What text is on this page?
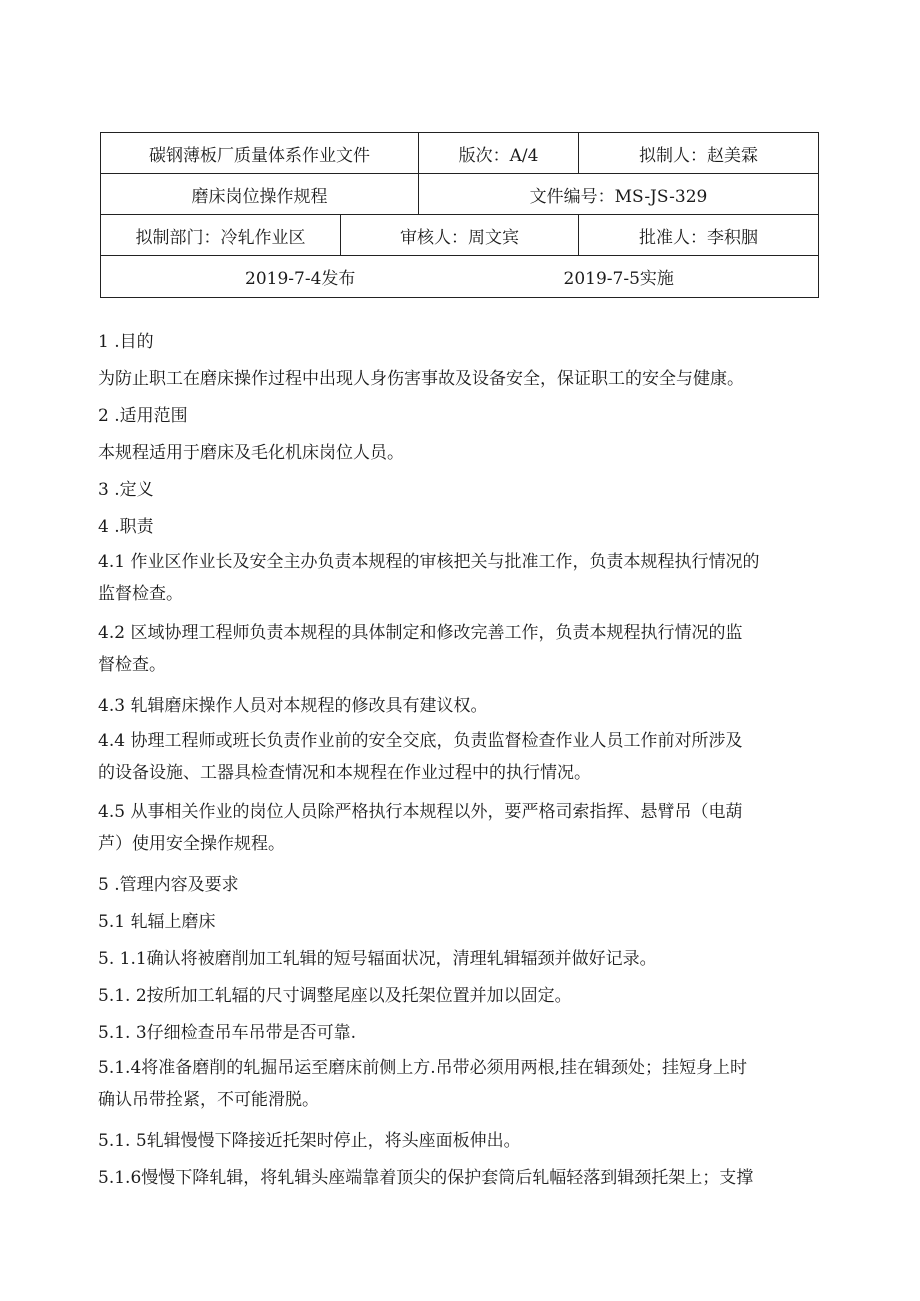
碳钢薄板厂质量体系作业文件		版次：A/4	拟制人：赵美霖
磨床岗位操作规程		文件编号：MS-JS-329	
拟制部门：冷轧作业区	审核人：周文宾		批准人：李积胭

2019-7-4发布 2019-7-5实施			
1 .目的
为防止职工在磨床操作过程中出现人身伤害事故及设备安全，保证职工的安全与健康。
2 .适用范围
本规程适用于磨床及毛化机床岗位人员。
3 .定义
4 .职责
4.1 作业区作业长及安全主办负责本规程的审核把关与批准工作，负责本规程执行情况的
监督检查。
4.2 区域协理工程师负责本规程的具体制定和修改完善工作，负责本规程执行情况的监
督检查。
4.3 轧辑磨床操作人员对本规程的修改具有建议权。
4.4 协理工程师或班长负责作业前的安全交底，负责监督检查作业人员工作前对所涉及
的设备设施、工器具检查情况和本规程在作业过程中的执行情况。
4.5 从事相关作业的岗位人员除严格执行本规程以外，要严格司索指挥、悬臂吊（电葫
芦）使用安全操作规程。
5 .管理内容及要求
5.1 轧辐上磨床
5. 1.1确认将被磨削加工轧辑的短号辐面状况，清理轧辑辐颈并做好记录。
5.1. 2按所加工轧辐的尺寸调整尾座以及托架位置并加以固定。
5.1. 3仔细检查吊车吊带是否可靠.
5.1.4将准备磨削的轧掘吊运至磨床前侧上方.吊带必须用两根,挂在辑颈处；挂短身上时
确认吊带拴紧，不可能滑脱。
5.1. 5轧辑慢慢下降接近托架时停止，将头座面板伸出。
5.1.6慢慢下降轧辑，将轧辑头座端靠着顶尖的保护套筒后轧幅轻落到辑颈托架上；支撑
